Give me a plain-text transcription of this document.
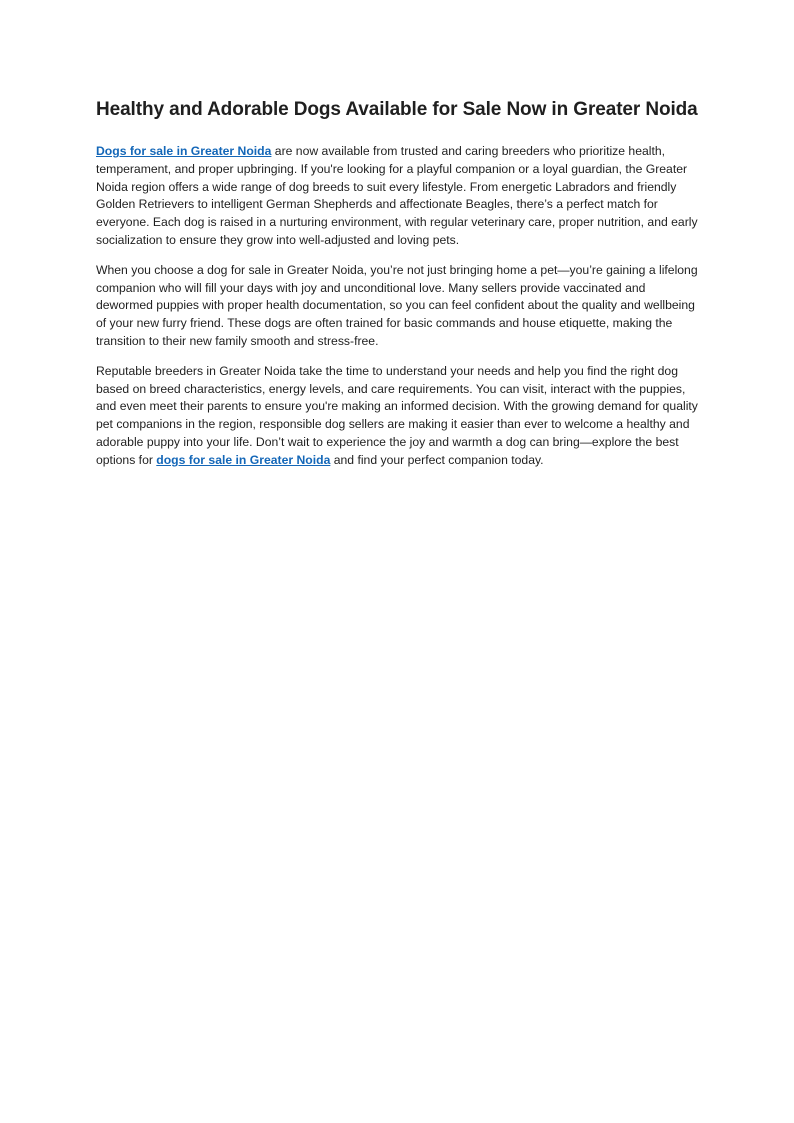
Healthy and Adorable Dogs Available for Sale Now in Greater Noida

Dogs for sale in Greater Noida are now available from trusted and caring breeders who prioritize health, temperament, and proper upbringing. If you're looking for a playful companion or a loyal guardian, the Greater Noida region offers a wide range of dog breeds to suit every lifestyle. From energetic Labradors and friendly Golden Retrievers to intelligent German Shepherds and affectionate Beagles, there’s a perfect match for everyone. Each dog is raised in a nurturing environment, with regular veterinary care, proper nutrition, and early socialization to ensure they grow into well-adjusted and loving pets.

When you choose a dog for sale in Greater Noida, you’re not just bringing home a pet—you’re gaining a lifelong companion who will fill your days with joy and unconditional love. Many sellers provide vaccinated and dewormed puppies with proper health documentation, so you can feel confident about the quality and wellbeing of your new furry friend. These dogs are often trained for basic commands and house etiquette, making the transition to their new family smooth and stress-free.

Reputable breeders in Greater Noida take the time to understand your needs and help you find the right dog based on breed characteristics, energy levels, and care requirements. You can visit, interact with the puppies, and even meet their parents to ensure you're making an informed decision. With the growing demand for quality pet companions in the region, responsible dog sellers are making it easier than ever to welcome a healthy and adorable puppy into your life. Don’t wait to experience the joy and warmth a dog can bring—explore the best options for dogs for sale in Greater Noida and find your perfect companion today.
